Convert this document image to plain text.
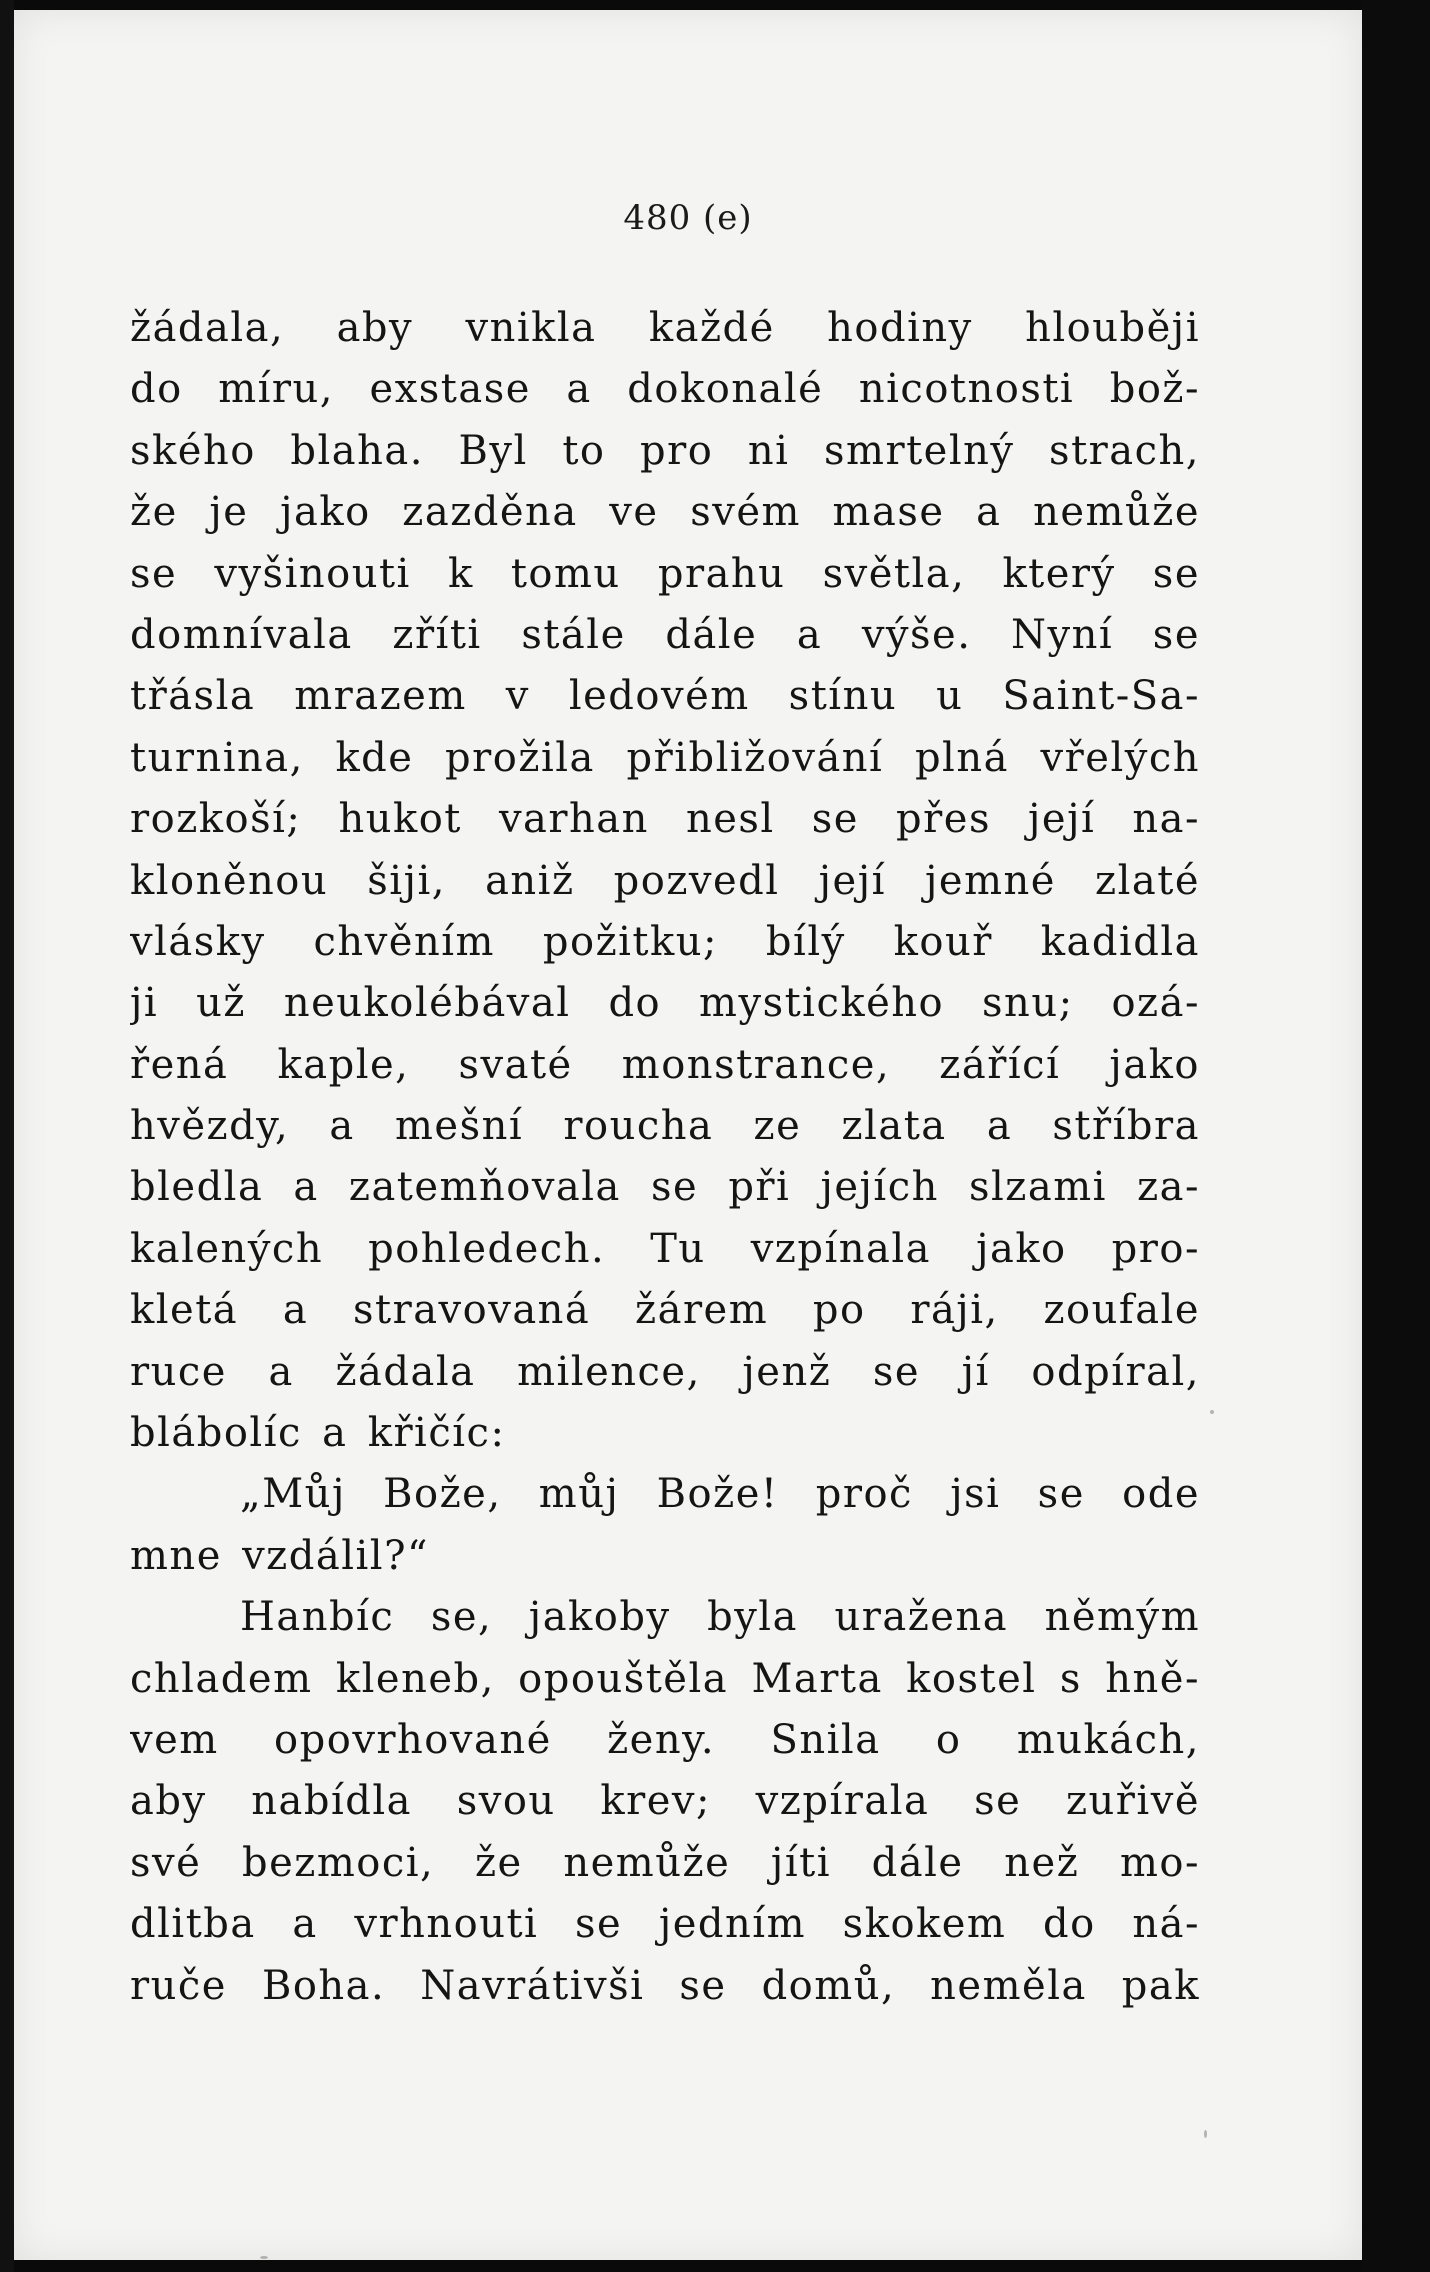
480 (e)
žádala, aby vnikla každé hodiny hlouběji
do míru, exstase a dokonalé nicotnosti bož-
ského blaha. Byl to pro ni smrtelný strach,
že je jako zazděna ve svém mase a nemůže
se vyšinouti k tomu prahu světla, který se
domnívala zříti stále dále a výše. Nyní se
třásla mrazem v ledovém stínu u Saint-Sa-
turnina, kde prožila přibližování plná vřelých
rozkoší; hukot varhan nesl se přes její na-
kloněnou šiji, aniž pozvedl její jemné zlaté
vlásky chvěním požitku; bílý kouř kadidla
ji už neukolébával do mystického snu; ozá-
řená kaple, svaté monstrance, zářící jako
hvězdy, a mešní roucha ze zlata a stříbra
bledla a zatemňovala se při jejích slzami za-
kalených pohledech. Tu vzpínala jako pro-
kletá a stravovaná žárem po ráji, zoufale
ruce a žádala milence, jenž se jí odpíral,
blábolíc a křičíc:
„Můj Bože, můj Bože! proč jsi se ode
mne vzdálil?“
Hanbíc se, jakoby byla uražena němým
chladem kleneb, opouštěla Marta kostel s hně-
vem opovrhované ženy. Snila o mukách,
aby nabídla svou krev; vzpírala se zuřivě
své bezmoci, že nemůže jíti dále než mo-
dlitba a vrhnouti se jedním skokem do ná-
ruče Boha. Navrátivši se domů, neměla pak
